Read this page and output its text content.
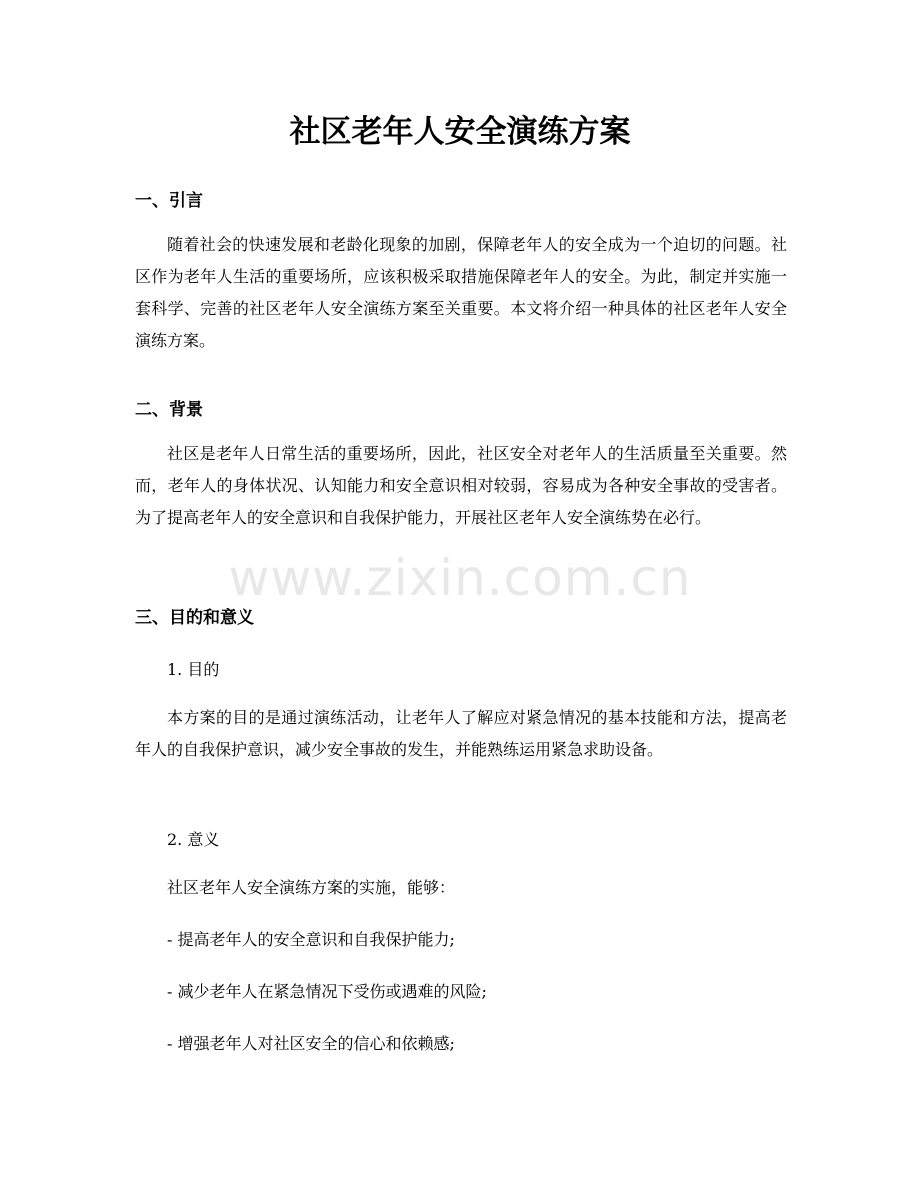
社区老年人安全演练方案
一、引言

随着社会的快速发展和老龄化现象的加剧，保障老年人的安全成为一个迫切的问题。社区作为老年人生活的重要场所，应该积极采取措施保障老年人的安全。为此，制定并实施一套科学、完善的社区老年人安全演练方案至关重要。本文将介绍一种具体的社区老年人安全演练方案。

二、背景

社区是老年人日常生活的重要场所，因此，社区安全对老年人的生活质量至关重要。然而，老年人的身体状况、认知能力和安全意识相对较弱，容易成为各种安全事故的受害者。为了提高老年人的安全意识和自我保护能力，开展社区老年人安全演练势在必行。

三、目的和意义

1. 目的

本方案的目的是通过演练活动，让老年人了解应对紧急情况的基本技能和方法，提高老年人的自我保护意识，减少安全事故的发生，并能熟练运用紧急求助设备。

2. 意义

社区老年人安全演练方案的实施，能够：

- 提高老年人的安全意识和自我保护能力;

- 减少老年人在紧急情况下受伤或遇难的风险;

- 增强老年人对社区安全的信心和依赖感;

www.zixin.com.cn
